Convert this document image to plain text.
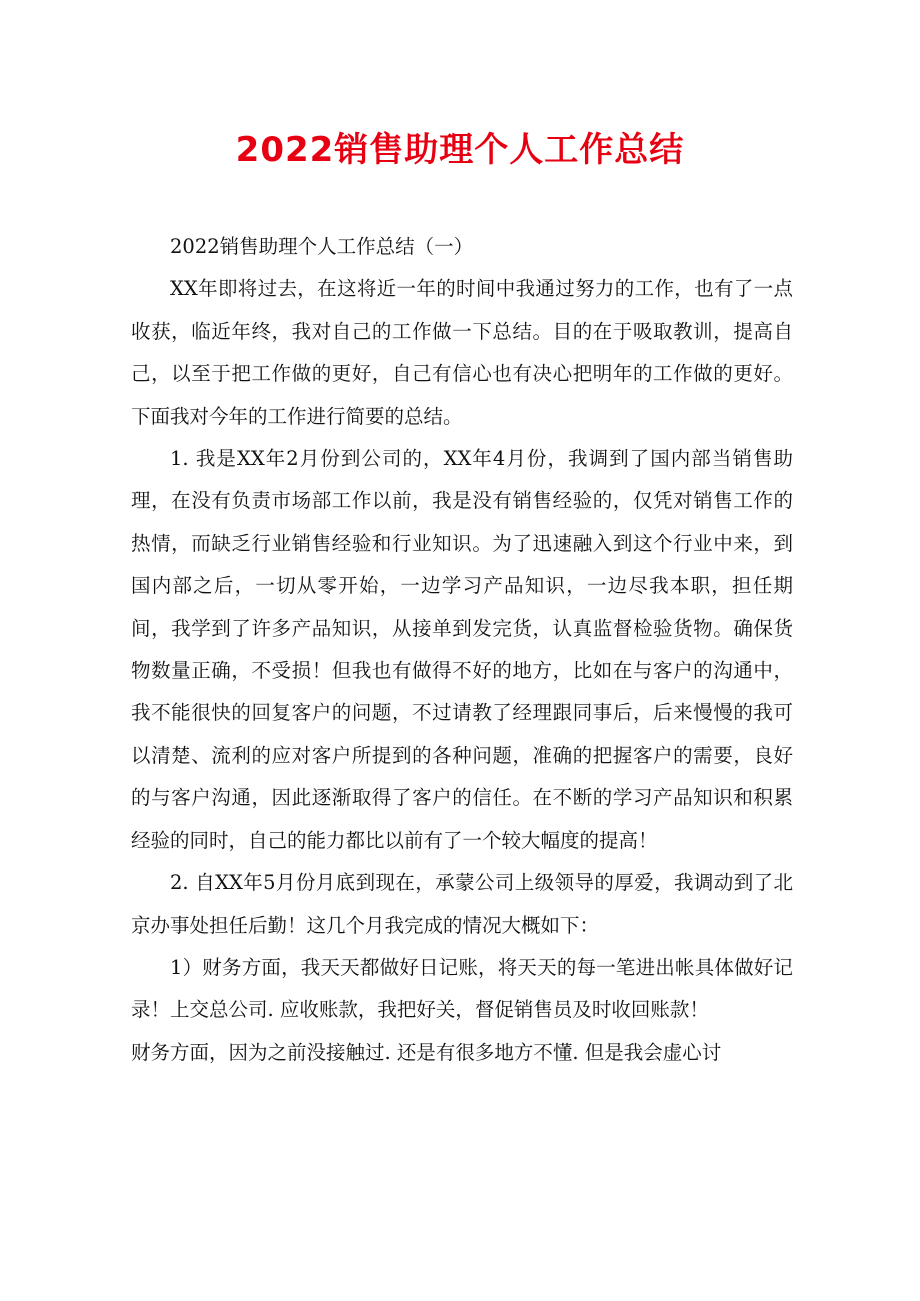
2022销售助理个人工作总结

2022销售助理个人工作总结（一）

XX年即将过去，在这将近一年的时间中我通过努力的工作，也有了一点收获，临近年终，我对自己的工作做一下总结。目的在于吸取教训，提高自己，以至于把工作做的更好，自己有信心也有决心把明年的工作做的更好。下面我对今年的工作进行简要的总结。

1. 我是XX年2月份到公司的，XX年4月份，我调到了国内部当销售助理，在没有负责市场部工作以前，我是没有销售经验的，仅凭对销售工作的热情，而缺乏行业销售经验和行业知识。为了迅速融入到这个行业中来，到国内部之后，一切从零开始，一边学习产品知识，一边尽我本职，担任期间，我学到了许多产品知识，从接单到发完货，认真监督检验货物。确保货物数量正确，不受损！但我也有做得不好的地方，比如在与客户的沟通中，我不能很快的回复客户的问题，不过请教了经理跟同事后，后来慢慢的我可以清楚、流利的应对客户所提到的各种问题，准确的把握客户的需要，良好的与客户沟通，因此逐渐取得了客户的信任。在不断的学习产品知识和积累经验的同时，自己的能力都比以前有了一个较大幅度的提高！

2. 自XX年5月份月底到现在，承蒙公司上级领导的厚爱，我调动到了北京办事处担任后勤！这几个月我完成的情况大概如下：

1）财务方面，我天天都做好日记账，将天天的每一笔进出帐具体做好记录！上交总公司. 应收账款，我把好关，督促销售员及时收回账款！

财务方面，因为之前没接触过. 还是有很多地方不懂. 但是我会虚心讨
